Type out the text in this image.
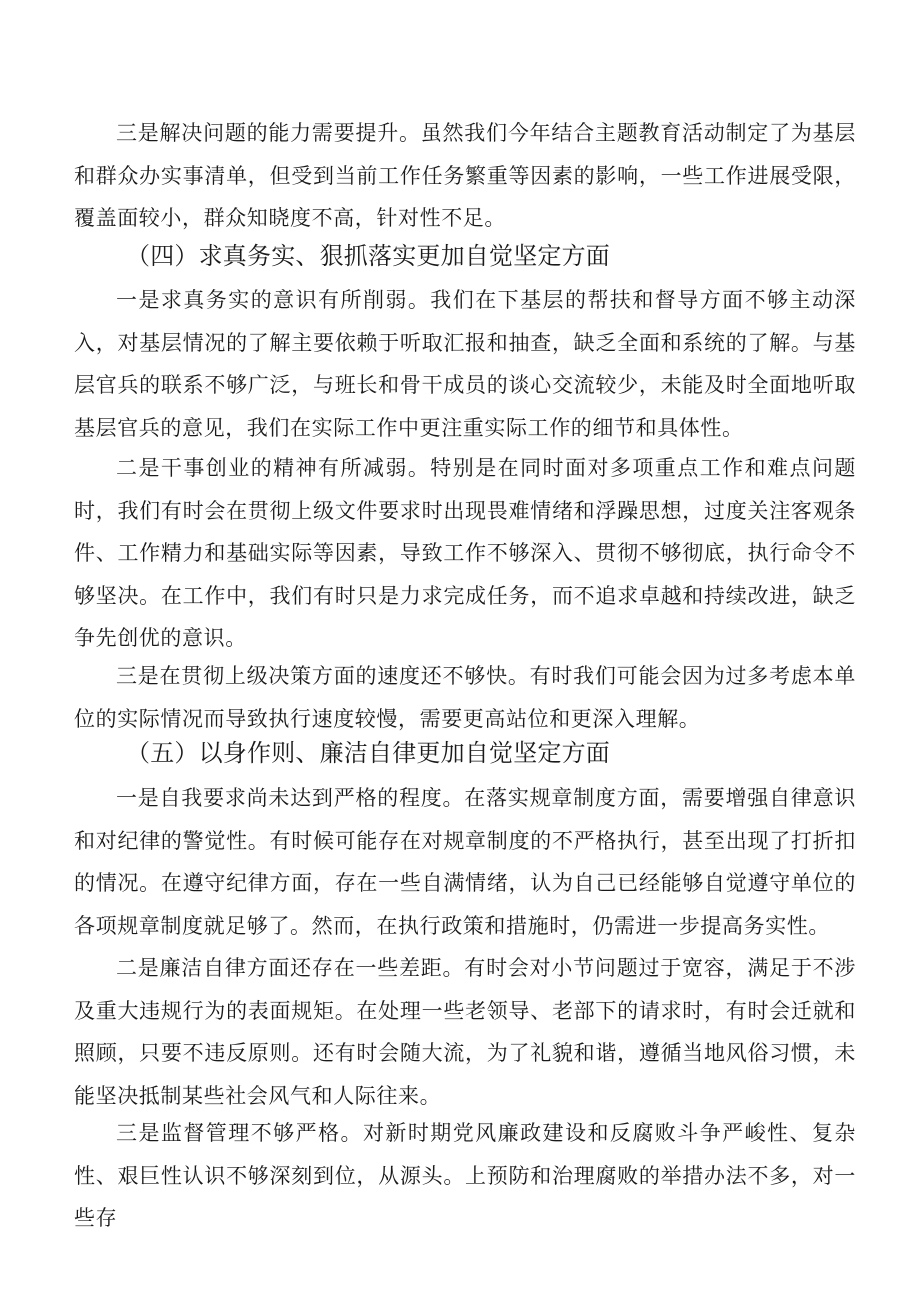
三是解决问题的能力需要提升。虽然我们今年结合主题教育活动制定了为基层和群众办实事清单，但受到当前工作任务繁重等因素的影响，一些工作进展受限，覆盖面较小，群众知晓度不高，针对性不足。

（四）求真务实、狠抓落实更加自觉坚定方面

一是求真务实的意识有所削弱。我们在下基层的帮扶和督导方面不够主动深入，对基层情况的了解主要依赖于听取汇报和抽查，缺乏全面和系统的了解。与基层官兵的联系不够广泛，与班长和骨干成员的谈心交流较少，未能及时全面地听取基层官兵的意见，我们在实际工作中更注重实际工作的细节和具体性。

二是干事创业的精神有所减弱。特别是在同时面对多项重点工作和难点问题时，我们有时会在贯彻上级文件要求时出现畏难情绪和浮躁思想，过度关注客观条件、工作精力和基础实际等因素，导致工作不够深入、贯彻不够彻底，执行命令不够坚决。在工作中，我们有时只是力求完成任务，而不追求卓越和持续改进，缺乏争先创优的意识。

三是在贯彻上级决策方面的速度还不够快。有时我们可能会因为过多考虑本单位的实际情况而导致执行速度较慢，需要更高站位和更深入理解。

（五）以身作则、廉洁自律更加自觉坚定方面

一是自我要求尚未达到严格的程度。在落实规章制度方面，需要增强自律意识和对纪律的警觉性。有时候可能存在对规章制度的不严格执行，甚至出现了打折扣的情况。在遵守纪律方面，存在一些自满情绪，认为自己已经能够自觉遵守单位的各项规章制度就足够了。然而，在执行政策和措施时，仍需进一步提高务实性。

二是廉洁自律方面还存在一些差距。有时会对小节问题过于宽容，满足于不涉及重大违规行为的表面规矩。在处理一些老领导、老部下的请求时，有时会迁就和照顾，只要不违反原则。还有时会随大流，为了礼貌和谐，遵循当地风俗习惯，未能坚决抵制某些社会风气和人际往来。

三是监督管理不够严格。对新时期党风廉政建设和反腐败斗争严峻性、复杂性、艰巨性认识不够深刻到位，从源头。上预防和治理腐败的举措办法不多，对一些存
